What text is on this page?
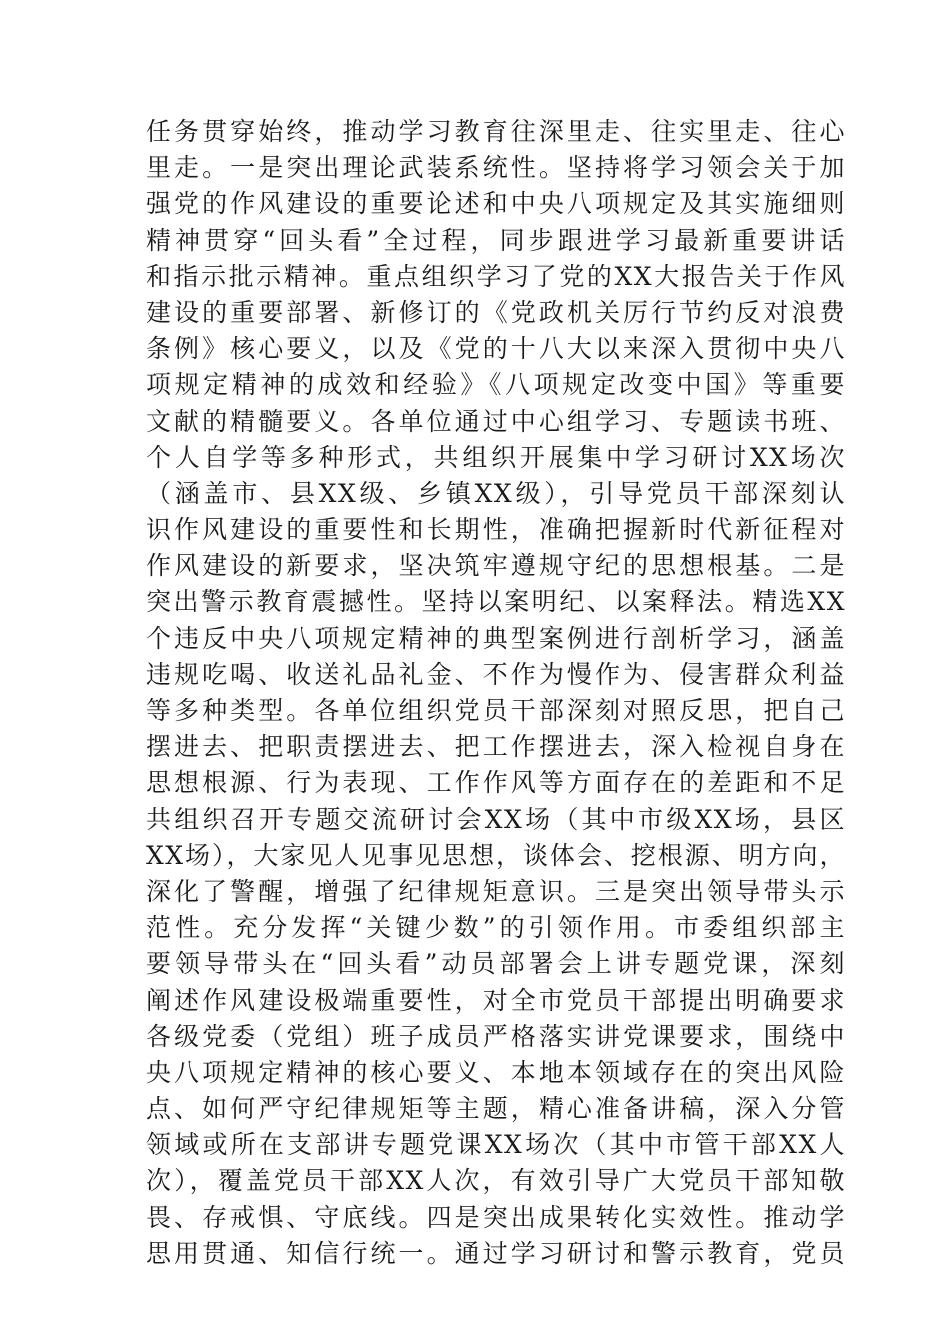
任务贯穿始终，推动学习教育往深里走、往实里走、往心
里走。一是突出理论武装系统性。坚持将学习领会关于加
强党的作风建设的重要论述和中央八项规定及其实施细则
精神贯穿“回头看”全过程，同步跟进学习最新重要讲话
和指示批示精神。重点组织学习了党的XX大报告关于作风
建设的重要部署、新修订的《党政机关厉行节约反对浪费
条例》核心要义，以及《党的十八大以来深入贯彻中央八
项规定精神的成效和经验》《八项规定改变中国》等重要
文献的精髓要义。各单位通过中心组学习、专题读书班、
个人自学等多种形式，共组织开展集中学习研讨XX场次
（涵盖市、县XX级、乡镇XX级），引导党员干部深刻认
识作风建设的重要性和长期性，准确把握新时代新征程对
作风建设的新要求，坚决筑牢遵规守纪的思想根基。二是
突出警示教育震撼性。坚持以案明纪、以案释法。精选XX
个违反中央八项规定精神的典型案例进行剖析学习，涵盖
违规吃喝、收送礼品礼金、不作为慢作为、侵害群众利益
等多种类型。各单位组织党员干部深刻对照反思，把自己
摆进去、把职责摆进去、把工作摆进去，深入检视自身在
思想根源、行为表现、工作作风等方面存在的差距和不足
共组织召开专题交流研讨会XX场（其中市级XX场，县区
XX场），大家见人见事见思想，谈体会、挖根源、明方向，
深化了警醒，增强了纪律规矩意识。三是突出领导带头示
范性。充分发挥“关键少数”的引领作用。市委组织部主
要领导带头在“回头看”动员部署会上讲专题党课，深刻
阐述作风建设极端重要性，对全市党员干部提出明确要求
各级党委（党组）班子成员严格落实讲党课要求，围绕中
央八项规定精神的核心要义、本地本领域存在的突出风险
点、如何严守纪律规矩等主题，精心准备讲稿，深入分管
领域或所在支部讲专题党课XX场次（其中市管干部XX人
次），覆盖党员干部XX人次，有效引导广大党员干部知敬
畏、存戒惧、守底线。四是突出成果转化实效性。推动学
思用贯通、知信行统一。通过学习研讨和警示教育，党员
